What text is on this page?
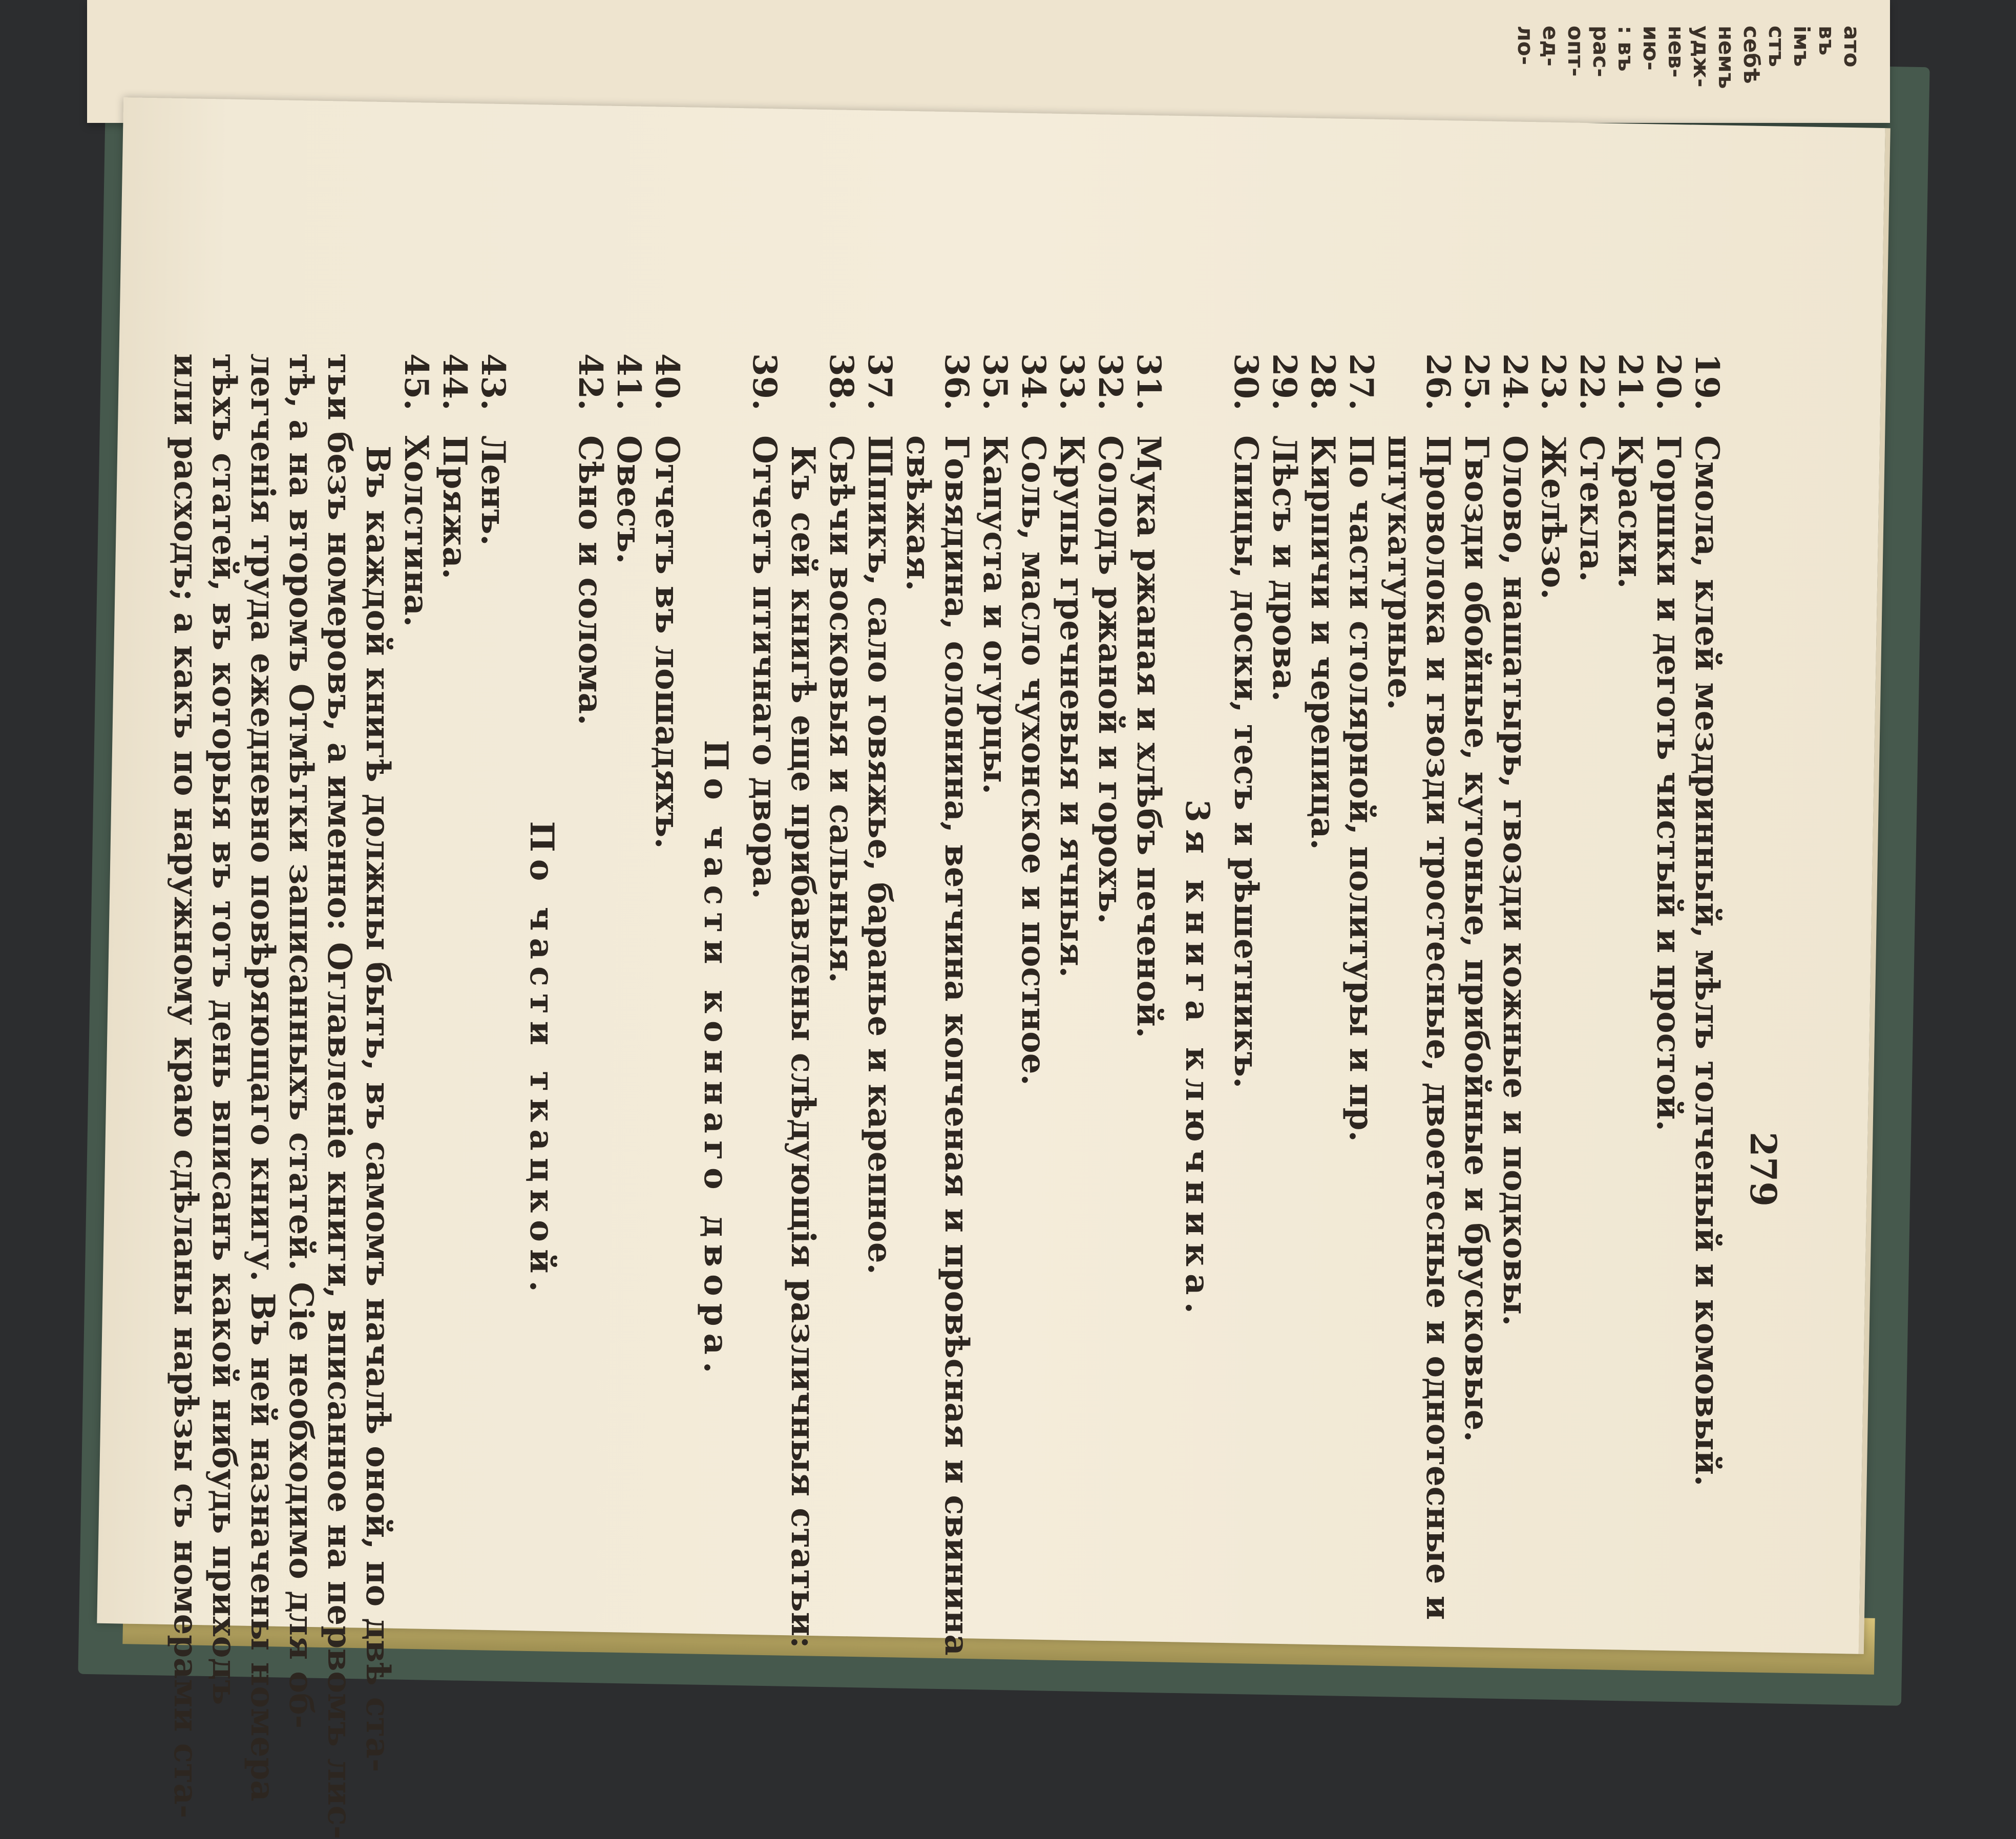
ато
въ
імъ
стъ
себѣ
немъ
удж-
нев-
ию-
: въ
рас-
опт-
ед-
ло-
279
19.
Смола, клей мездринный, мѣлъ толченый и комовый.
20.
Горшки и деготь чистый и простой.
21.
Краски.
22.
Стекла.
23.
Желѣзо.
24.
Олово, нашатырь, гвозди кожные и подковы.
25.
Гвозди обойные, кутоные, прибойные и брусковые.
26.
Проволока и гвозди тростесные, двоетесные и однотесные и
штукатурные.
27.
По части столярной, политуры и пр.
28.
Кирпичи и черепица.
29.
Лѣсъ и дрова.
30.
Спицы, доски, тесъ и рѣшетникъ.
3я книга ключника.
31.
Мука ржаная и хлѣбъ печеной.
32.
Солодъ ржаной и горохъ.
33.
Крупы гречневыя и ячныя.
34.
Соль, масло чухонское и постное.
35.
Капуста и огурцы.
36.
Говядина, солонина, ветчина копченая и провѣсная и свинина
свѣжая.
37.
Шпикъ, сало говяжье, баранье и карепное.
38.
Свѣчи восковыя и сальныя.
Къ сей книгѣ еще прибавлены слѣдующія различныя статьи:
39.
Отчетъ птичнаго двора.
По части коннаго двора.
40.
Отчетъ въ лошадяхъ.
41.
Овесъ.
42.
Сѣно и солома.
По части ткацкой.
43.
Ленъ.
44.
Пряжа.
45.
Холстина.
Въ каждой книгѣ должны быть, въ самомъ началѣ оной, по двѣ ста-
тьи безъ номеровъ, а именно: Оглавленіе книги, вписанное на первомъ лис-
тѣ, а на второмъ Отмѣтки записанныхъ статей. Сіе необходимо для об-
легченія труда ежедневно повѣряющаго книгу. Въ ней назначены номера
тѣхъ статей, въ которыя въ тотъ день вписанъ какой нибудь приходъ
или расходъ; а какъ по наружному краю сдѣланы нарѣзы съ номерами ста-
